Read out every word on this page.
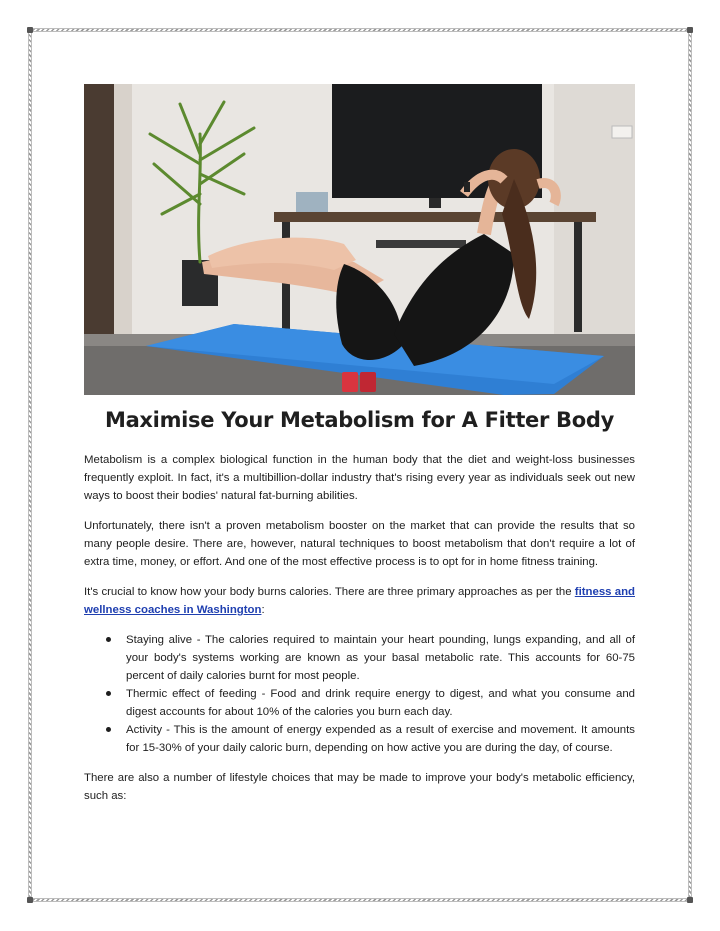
Maximise Your Metabolism for A Fitter Body

Metabolism is a complex biological function in the human body that the diet and weight-loss businesses frequently exploit. In fact, it's a multibillion-dollar industry that's rising every year as individuals seek out new ways to boost their bodies' natural fat-burning abilities.

Unfortunately, there isn't a proven metabolism booster on the market that can provide the results that so many people desire. There are, however, natural techniques to boost metabolism that don't require a lot of extra time, money, or effort. And one of the most effective process is to opt for in home fitness training.

It's crucial to know how your body burns calories. There are three primary approaches as per the fitness and wellness coaches in Washington:

Staying alive - The calories required to maintain your heart pounding, lungs expanding, and all of your body's systems working are known as your basal metabolic rate. This accounts for 60-75 percent of daily calories burnt for most people.
Thermic effect of feeding - Food and drink require energy to digest, and what you consume and digest accounts for about 10% of the calories you burn each day.
Activity - This is the amount of energy expended as a result of exercise and movement. It amounts for 15-30% of your daily caloric burn, depending on how active you are during the day, of course.

There are also a number of lifestyle choices that may be made to improve your body's metabolic efficiency, such as:
